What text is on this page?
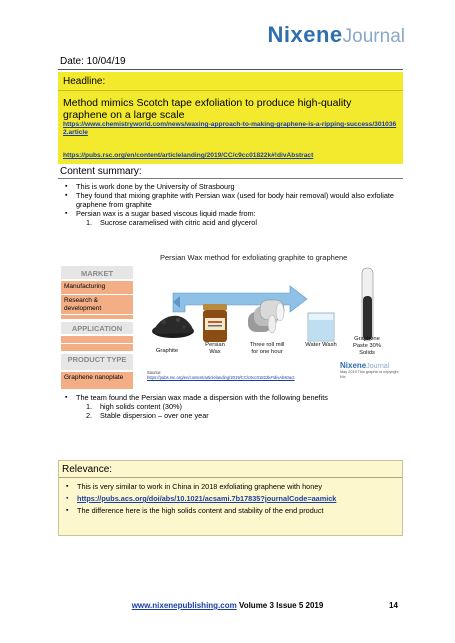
NixeneJournal
Date: 10/04/19
Headline:
Method mimics Scotch tape exfoliation to produce high-quality graphene on a large scale
https://www.chemistryworld.com/news/waxing-approach-to-making-graphene-is-a-ripping-success/3010362.article
https://pubs.rsc.org/en/content/articlelanding/2019/CC/c9cc01822k#!divAbstract
Content summary:
▪ This is work done by the University of Strasbourg
▪ They found that mixing graphite with Persian wax (used for body hair removal) would also exfoliate graphene from graphite
▪ Persian wax is a sugar based viscous liquid made from:
1. Sucrose caramelised with citric acid and glycerol
Persian Wax method for exfoliating graphite to graphene
MARKET
Manufacturing
Research & development
APPLICATION
PRODUCT TYPE
Graphene nanoplate
Graphite
Persian Wax
Three roll mill for one hour
Water Wash
Graphene Paste 30% Solids
Source:
https://pubs.rsc.org/en/content/articlelanding/2019/CC/c9cc01822k#!divAbstract
NixeneJournal
May 2019 This graphic is copyright Nix
▪ The team found the Persian wax made a dispersion with the following benefits
1. high solids content (30%)
2. Stable dispersion – over one year
Relevance:
▪ This is very similar to work in China in 2018 exfoliating graphene with honey
▪ https://pubs.acs.org/doi/abs/10.1021/acsami.7b17835?journalCode=aamick
▪ The difference here is the high solids content and stability of the end product
www.nixenepublishing.com Volume 3 Issue 5 2019	14
